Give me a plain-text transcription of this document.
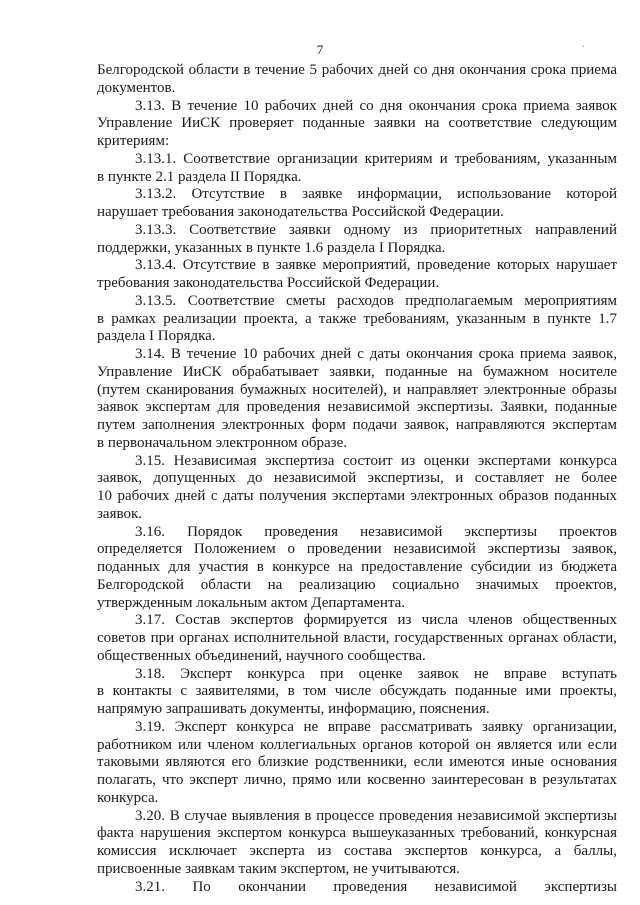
7	·
Белгородской области в течение 5 рабочих дней со дня окончания срока приема
документов.
3.13. В течение 10 рабочих дней со дня окончания срока приема заявок
Управление ИиСК проверяет поданные заявки на соответствие следующим
критериям:
3.13.1. Соответствие организации критериям и требованиям, указанным
в пункте 2.1 раздела II Порядка.
3.13.2. Отсутствие в заявке информации, использование которой
нарушает требования законодательства Российской Федерации.
3.13.3. Соответствие заявки одному из приоритетных направлений
поддержки, указанных в пункте 1.6 раздела I Порядка.
3.13.4. Отсутствие в заявке мероприятий, проведение которых нарушает
требования законодательства Российской Федерации.
3.13.5. Соответствие сметы расходов предполагаемым мероприятиям
в рамках реализации проекта, а также требованиям, указанным в пункте 1.7
раздела I Порядка.
3.14. В течение 10 рабочих дней с даты окончания срока приема заявок,
Управление ИиСК обрабатывает заявки, поданные на бумажном носителе
(путем сканирования бумажных носителей), и направляет электронные образы
заявок экспертам для проведения независимой экспертизы. Заявки, поданные
путем заполнения электронных форм подачи заявок, направляются экспертам
в первоначальном электронном образе.
3.15. Независимая экспертиза состоит из оценки экспертами конкурса
заявок, допущенных до независимой экспертизы, и составляет не более
10 рабочих дней с даты получения экспертами электронных образов поданных
заявок.
3.16. Порядок проведения независимой экспертизы проектов
определяется Положением о проведении независимой экспертизы заявок,
поданных для участия в конкурсе на предоставление субсидии из бюджета
Белгородской области на реализацию социально значимых проектов,
утвержденным локальным актом Департамента.
3.17. Состав экспертов формируется из числа членов общественных
советов при органах исполнительной власти, государственных органах области,
общественных объединений, научного сообщества.
3.18. Эксперт конкурса при оценке заявок не вправе вступать
в контакты с заявителями, в том числе обсуждать поданные ими проекты,
напрямую запрашивать документы, информацию, пояснения.
3.19. Эксперт конкурса не вправе рассматривать заявку организации,
работником или членом коллегиальных органов которой он является или если
таковыми являются его близкие родственники, если имеются иные основания
полагать, что эксперт лично, прямо или косвенно заинтересован в результатах
конкурса.
3.20. В случае выявления в процессе проведения независимой экспертизы
факта нарушения экспертом конкурса вышеуказанных требований, конкурсная
комиссия исключает эксперта из состава экспертов конкурса, а баллы,
присвоенные заявкам таким экспертом, не учитываются.
3.21. По окончании проведения независимой экспертизы
